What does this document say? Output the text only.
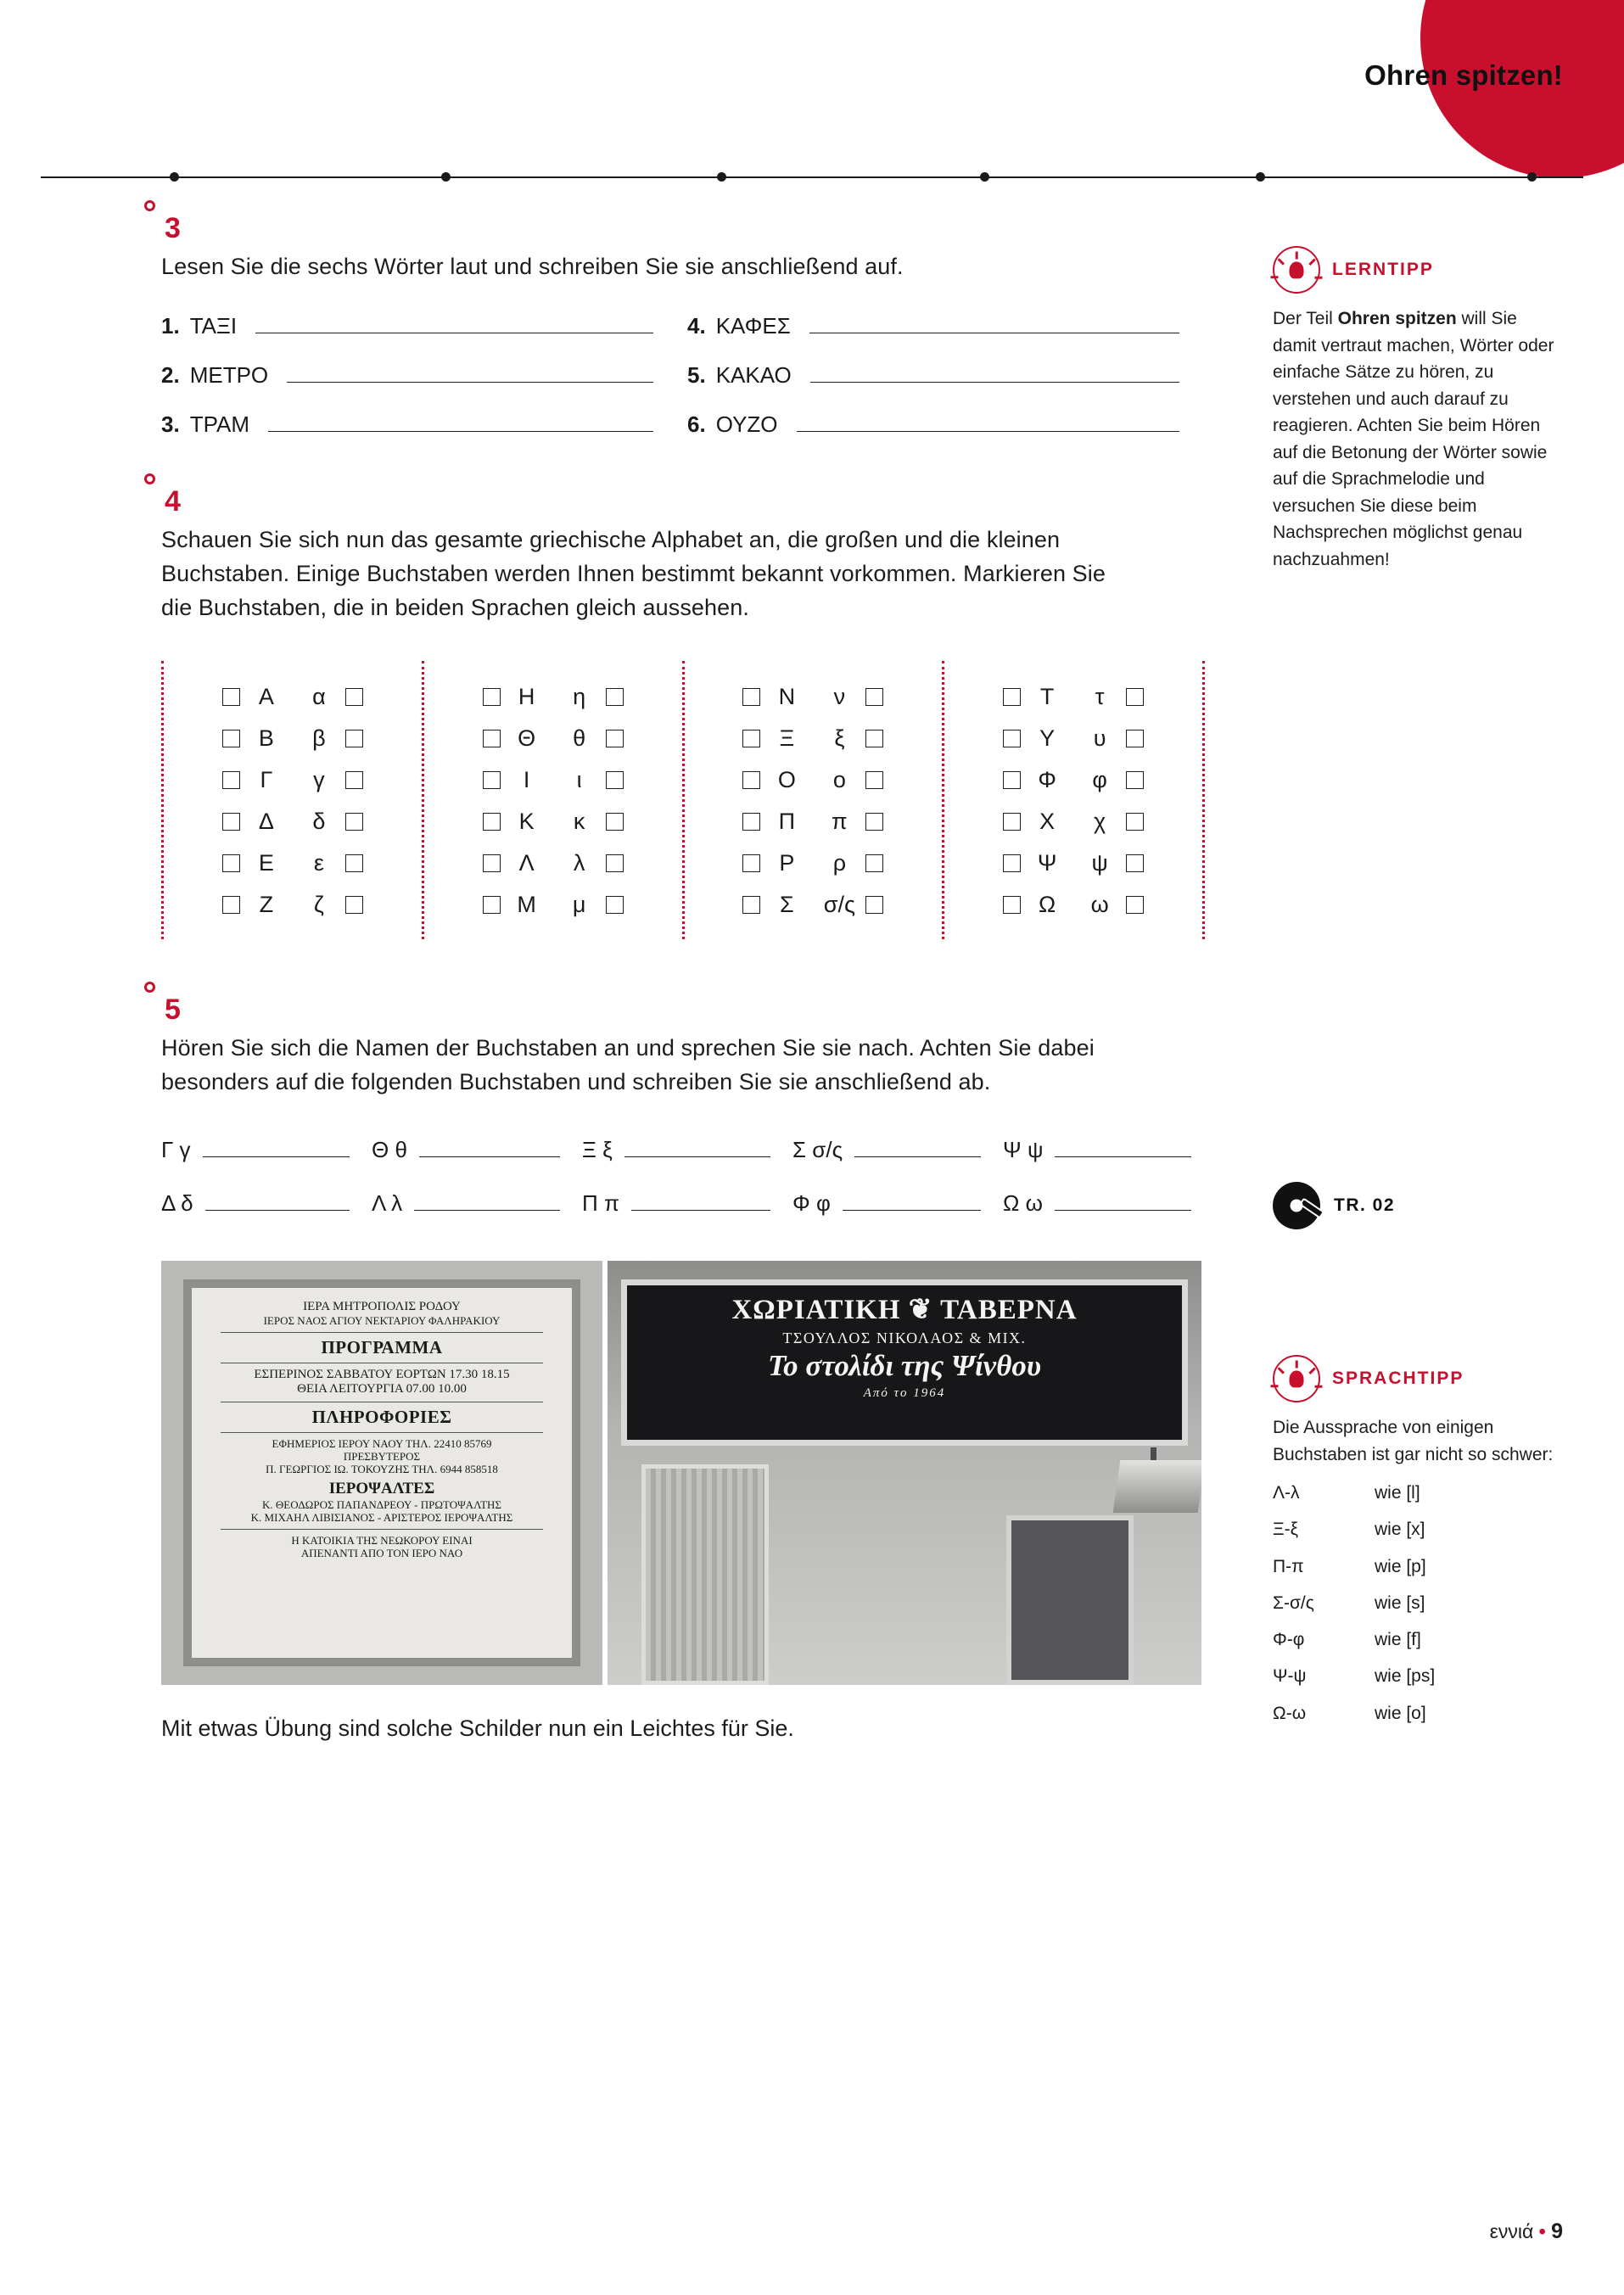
Ohren spitzen!
3
Lesen Sie die sechs Wörter laut und schreiben Sie sie anschließend auf.
1. ΤΑΞΙ	4. ΚΑΦΕΣ
2. ΜΕΤΡΟ	5. ΚΑΚΑΟ
3. ΤΡΑΜ	6. ΟΥΖΟ
4
Schauen Sie sich nun das gesamte griechische Alphabet an, die großen und die kleinen Buchstaben. Einige Buchstaben werden Ihnen bestimmt bekannt vorkommen. Markieren Sie die Buchstaben, die in beiden Sprachen gleich aussehen.
Α	α
Β	β
Γ	γ
Δ	δ
Ε	ε
Ζ	ζ
Η	η
Θ	θ
Ι	ι
Κ	κ
Λ	λ
Μ	μ
Ν	ν
Ξ	ξ
Ο	ο
Π	π
Ρ	ρ
Σ	σ/ς
Τ	τ
Υ	υ
Φ	φ
Χ	χ
Ψ	ψ
Ω	ω
5
Hören Sie sich die Namen der Buchstaben an und sprechen Sie sie nach. Achten Sie dabei besonders auf die folgenden Buchstaben und schreiben Sie sie anschließend ab.
Γ γ	Θ θ	Ξ ξ	Σ σ/ς	Ψ ψ
Δ δ	Λ λ	Π π	Φ φ	Ω ω
ΙΕΡΑ ΜΗΤΡΟΠΟΛΙΣ ΡΟΔΟΥ
ΙΕΡΟΣ ΝΑΟΣ ΑΓΙΟΥ ΝΕΚΤΑΡΙΟΥ ΦΑΛΗΡΑΚΙΟΥ
ΠΡΟΓΡΑΜΜΑ
ΕΣΠΕΡΙΝΟΣ ΣΑΒΒΑΤΟΥ ΕΟΡΤΩΝ 17.30 18.15
ΘΕΙΑ ΛΕΙΤΟΥΡΓΙΑ 07.00 10.00
ΠΛΗΡΟΦΟΡΙΕΣ
ΕΦΗΜΕΡΙΟΣ ΙΕΡΟΥ ΝΑΟΥ ΤΗΛ. 22410 85769
ΠΡΕΣΒΥΤΕΡΟΣ
Π. ΓΕΩΡΓΙΟΣ ΙΩ. ΤΟΚΟΥΖΗΣ ΤΗΛ. 6944 858518
ΙΕΡΟΨΑΛΤΕΣ
Κ. ΘΕΟΔΩΡΟΣ ΠΑΠΑΝΔΡΕΟΥ - ΠΡΩΤΟΨΑΛΤΗΣ
Κ. ΜΙΧΑΗΛ ΛΙΒΙΣΙΑΝΟΣ - ΑΡΙΣΤΕΡΟΣ ΙΕΡΟΨΑΛΤΗΣ
Η ΚΑΤΟΙΚΙΑ ΤΗΣ ΝΕΩΚΟΡΟΥ ΕΙΝΑΙ
ΑΠΕΝΑΝΤΙ ΑΠΟ ΤΟΝ ΙΕΡΟ ΝΑΟ
ΧΩΡΙΑΤΙΚΗ ❦ ΤΑΒΕΡΝΑ
ΤΣΟΥΛΛΟΣ ΝΙΚΟΛΑΟΣ & ΜΙΧ.
Το στολίδι της Ψίνθου
Από το 1964
Mit etwas Übung sind solche Schilder nun ein Leichtes für Sie.
LERNTIPP
Der Teil Ohren spitzen will Sie damit vertraut machen, Wörter oder einfache Sätze zu hören, zu verstehen und auch darauf zu reagieren. Achten Sie beim Hören auf die Betonung der Wörter sowie auf die Sprachmelodie und versuchen Sie diese beim Nachsprechen möglichst genau nachzuahmen!
TR. 02
SPRACHTIPP
Die Aussprache von einigen Buchstaben ist gar nicht so schwer:
Λ-λ	wie [l]
Ξ-ξ	wie [x]
Π-π	wie [p]
Σ-σ/ς	wie [s]
Φ-φ	wie [f]
Ψ-ψ	wie [ps]
Ω-ω	wie [o]
εννιά • 9
